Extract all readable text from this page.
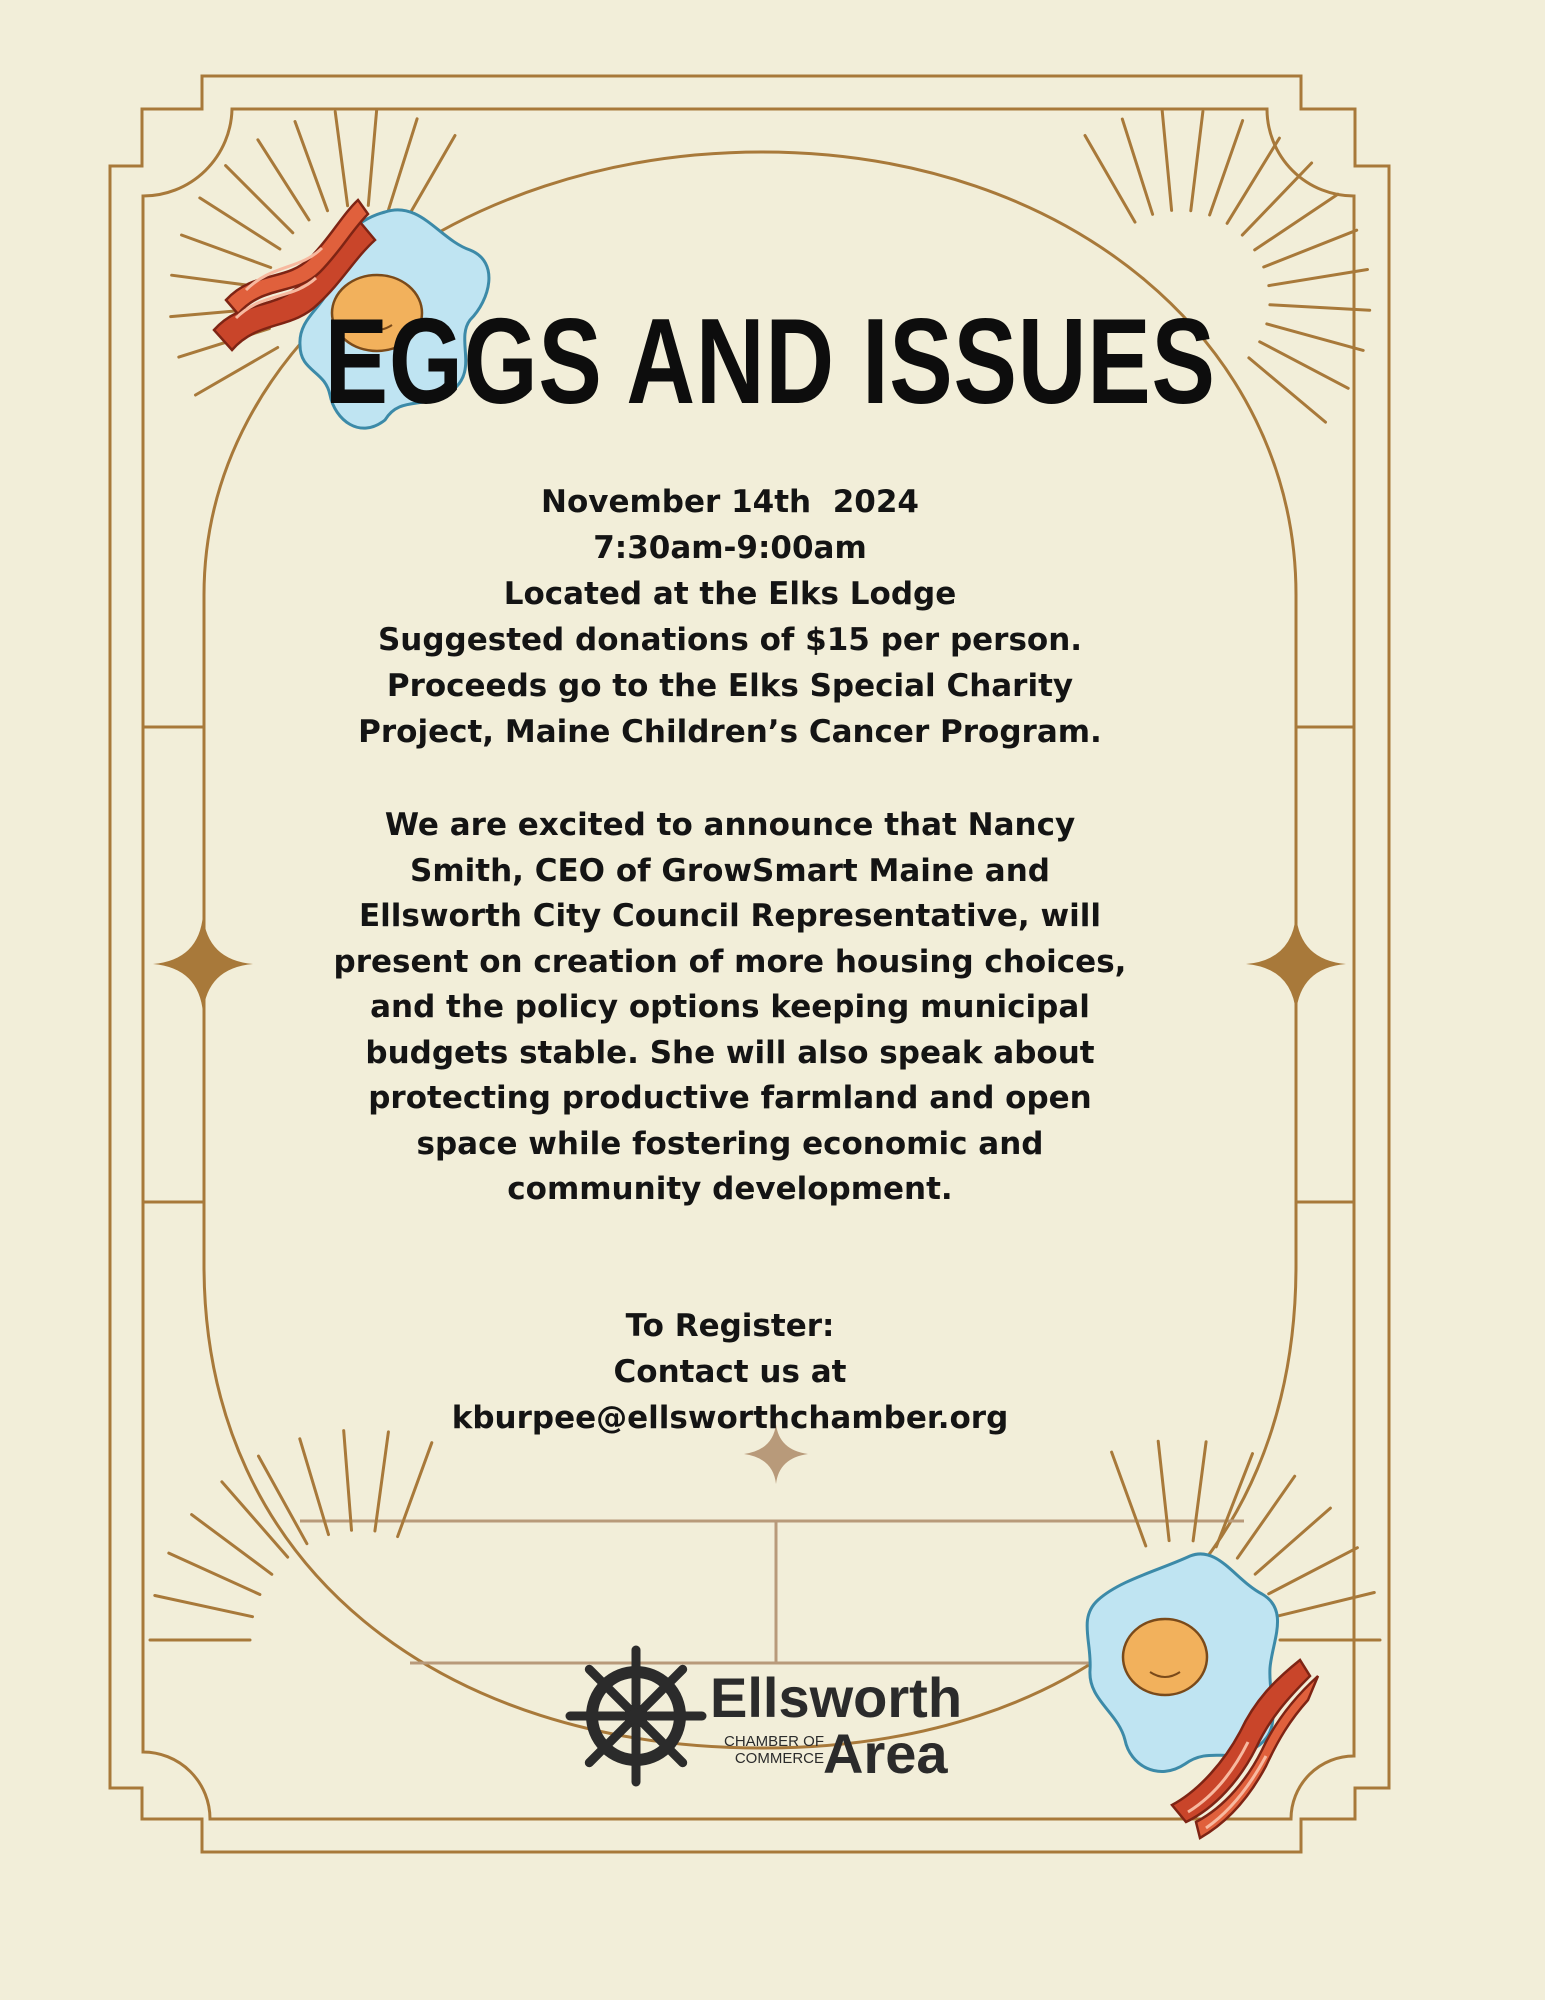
EGGS AND ISSUES

November 14th  2024

7:30am-9:00am

Located at the Elks Lodge

Suggested donations of $15 per person.

Proceeds go to the Elks Special Charity

Project, Maine Children’s Cancer Program.

We are excited to announce that Nancy Smith, CEO of GrowSmart Maine and Ellsworth City Council Representative, will present on creation of more housing choices, and the policy options keeping municipal budgets stable. She will also speak about protecting productive farmland and open space while fostering economic and community development.

To Register:

Contact us at kburpee@ellsworthchamber.org

Ellsworth
CHAMBER OF
COMMERCE Area
